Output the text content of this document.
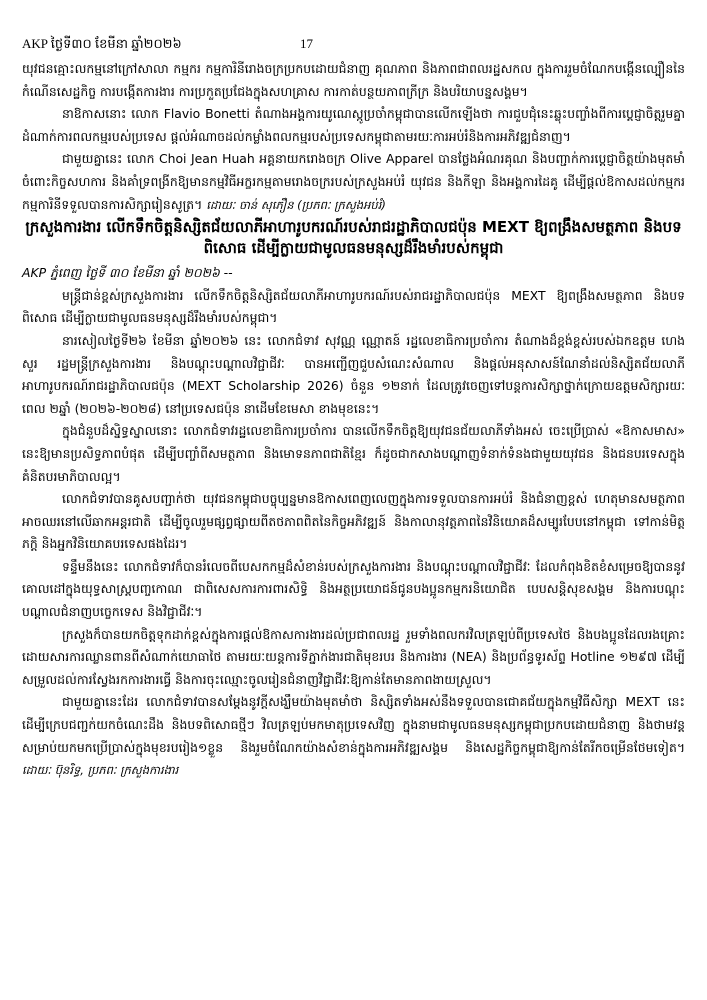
AKP ថ្ងៃទី៣០ ខែមីនា ឆ្នាំ២០២៦	17

យុវជនគ្មោះលកម្មនៅក្រៅសាលា កម្មករ កម្មការិនីរោងចក្រប្រកបដោយជំនាញ គុណភាព និងភាពជាពលរដ្ឋសកល ក្នុងការរួមចំណែកបង្កើនល្បឿននៃកំណើនសេដ្ឋកិច្ច ការបង្កើតការងារ ការប្រកួតប្រជែងក្នុងសហគ្រាស ការកាត់បន្ថយភាពក្រីក្រ និងបរិយាបន្នសង្គម។

នាឱកាសនោះ លោក Flavio Bonetti តំណាងអង្គការយូណេស្កូប្រចាំកម្ពុជាបានលើកឡើងថា ការជួបជុំនេះឆ្លុះបញ្ចាំងពីការប្តេជ្ញាចិត្តរួមគ្នាដំណាក់ការពលកម្មរបស់ប្រទេស ផ្តល់អំណាចដល់កម្លាំងពលកម្មរបស់ប្រទេសកម្ពុជាតាមរយៈការអប់រំនិងការអភិវឌ្ឍជំនាញ។

ជាមួយគ្នានេះ លោក Choi Jean Huah អគ្គនាយករោងចក្រ Olive Apparel បានថ្លែងអំណរគុណ និងបញ្ជាក់ការប្តេជ្ញាចិត្តយ៉ាងមុតមាំចំពោះកិច្ចសហការ និងគាំទ្រពង្រីកឱ្យមានកម្មវិធីអក្ខរកម្មតាមរោងចក្ររបស់ក្រសួងអប់រំ យុវជន និងកីឡា និងអង្គការដៃគូ ដើម្បីផ្តល់ឱកាសដល់កម្មករ កម្មការិនីទទួលបានការសិក្សារៀនសូត្រ។ ដោយៈ ចាន់ សុភឿន (ប្រភពៈ ក្រសួងអប់រំ)

ក្រសួងការងារ លើកទឹកចិត្តនិស្សិតជ័យលាភីអាហារូបករណ៍របស់រាជរដ្ឋាភិបាលជប៉ុន MEXT ឱ្យពង្រឹងសមត្ថភាព និងបទពិសោធ ដើម្បីក្លាយជាមូលធនមនុស្សដ៏រឹងមាំរបស់កម្ពុជា

AKP ភ្នំពេញ ថ្ងៃទី ៣០ ខែមីនា ឆ្នាំ ២០២៦ --

មន្ត្រីជាន់ខ្ពស់ក្រសួងការងារ លើកទឹកចិត្តនិស្សិតជ័យលាភីអាហារូបករណ៍របស់រាជរដ្ឋាភិបាលជប៉ុន MEXT ឱ្យពង្រឹងសមត្ថភាព និងបទពិសោធ ដើម្បីក្លាយជាមូលធនមនុស្សដ៏រឹងមាំរបស់កម្ពុជា។

នារសៀលថ្ងៃទី២៦ ខែមីនា ឆ្នាំ២០២៦ នេះ លោកជំទាវ សុវណ្ណ ណ្ណោតន៍ រដ្ឋលេខាធិការប្រចាំការ តំណាងដ៏ខ្ពង់ខ្ពស់របស់ឯកឧត្តម ហេង សួរ រដ្ឋមន្ត្រីក្រសួងការងារ និងបណ្តុះបណ្តាលវិជ្ជាជីវៈ បានអញ្ជើញជួបសំណេះសំណាល និងផ្តល់អនុសាសន៍ណែនាំដល់និស្សិតជ័យលាភីអាហារូបករណ៍រាជរដ្ឋាភិបាលជប៉ុន (MEXT Scholarship 2026) ចំនួន ១២នាក់ ដែលត្រូវចេញទៅបន្តការសិក្សាថ្នាក់ក្រោយឧត្តមសិក្សារយៈពេល ២ឆ្នាំ (២០២៦-២០២៨) នៅប្រទេសជប៉ុន នាដើមខែមេសា ខាងមុខនេះ។

ក្នុងជំនួបដ៏ស្និទ្ធស្នាលនោះ លោកជំទាវរដ្ឋលេខាធិការប្រចាំការ បានលើកទឹកចិត្តឱ្យយុវជនជ័យលាភីទាំងអស់ ចេះប្រើប្រាស់ «ឱកាសមាស» នេះឱ្យមានប្រសិទ្ធភាពបំផុត ដើម្បីបញ្ចាំពីសមត្ថភាព និងមោទនភាពជាតិខ្មែរ ក៏ដូចជាកសាងបណ្តាញទំនាក់ទំនងជាមួយយុវជន និងជនបរទេសក្នុងគំនិតបរមាភិបាលល្អ។

លោកជំទាវបានគូសបញ្ជាក់ថា យុវជនកម្ពុជាបច្ចុប្បន្នមានឱកាសពេញលេញក្នុងការទទួលបានការអប់រំ និងជំនាញខ្ពស់ ហេតុមានសមត្ថភាពអាចឈរនៅលើឆាកអន្តរជាតិ ដើម្បីចូលរួមផ្សព្វផ្សាយពីតថភាពពិតនៃកិច្ចអភិវឌ្ឍន៍ និងកាលានុវត្តភាពនៃវិនិយោគដ៏សម្បូរបែបនៅកម្ពុជា ទៅកាន់មិត្តភក្តិ និងអ្នកវិនិយោគបរទេសផងដែរ។

ទន្ទឹមនឹងនេះ លោកជំទាវក៏បានរំលេចពីបេសកកម្មដ៏សំខាន់របស់ក្រសួងការងារ និងបណ្តុះបណ្តាលវិជ្ជាជីវៈ ដែលកំពុងខិតខំសម្រេចឱ្យបាននូវគោលដៅក្នុងយុទ្ធសាស្ត្របញ្ចកោណ ជាពិសេសការការពារសិទ្ធិ និងអត្ថប្រយោជន៍ជូនបងប្អូនកម្មករនិយោជិត បេបសន្តិសុខសង្គម និងការបណ្តុះបណ្តាលជំនាញបច្ចេកទេស និងវិជ្ជាជីវៈ។

ក្រសួងក៏បានយកចិត្តទុកដាក់ខ្ពស់ក្នុងការផ្តល់ឱកាសការងារដល់ប្រជាពលរដ្ឋ រួមទាំងពលករវិលត្រឡប់ពីប្រទេសថៃ និងបងប្អូនដែលរងគ្រោះដោយសារការឈ្លានពានពីសំណាក់យោធាថៃ តាមរយៈយន្តការទីភ្នាក់ងារជាតិមុខរបរ និងការងារ (NEA) និងប្រព័ន្ធទូរស័ព្ទ Hotline ១២៩៧ ដើម្បីសម្រួលដល់ការស្វែងរកការងារធ្វើ និងការចុះឈ្មោះចូលរៀនជំនាញវិជ្ជាជីវៈឱ្យកាន់តែមានភាពងាយស្រួល។

ជាមួយគ្នានេះដែរ លោកជំទាវបានសម្តែងនូវក្តីសង្ឃឹមយ៉ាងមុតមាំថា និស្សិតទាំងអស់នឹងទទួលបានជោគជ័យក្នុងកម្មវិធីសិក្សា MEXT នេះ ដើម្បីក្រេបជញ្ជក់យកចំណេះដឹង និងបទពិសោធថ្មីៗ វិលត្រឡប់មកមាតុប្រទេសវិញ ក្នុងនាមជាមូលធនមនុស្សកម្ពុជាប្រកបដោយជំនាញ និងថាមវន្ត សម្រាប់យកមកប្រើប្រាស់ក្នុងមុខរបរៀង១ខ្លួន និងរួមចំណែកយ៉ាងសំខាន់ក្នុងការអភិវឌ្ឍសង្គម និងសេដ្ឋកិច្ចកម្ពុជាឱ្យកាន់តែរីកចម្រើនថែមទៀត។ ដោយៈ ប៊ុនរិទ្ធ, ប្រភពៈ ក្រសួងការងារ
